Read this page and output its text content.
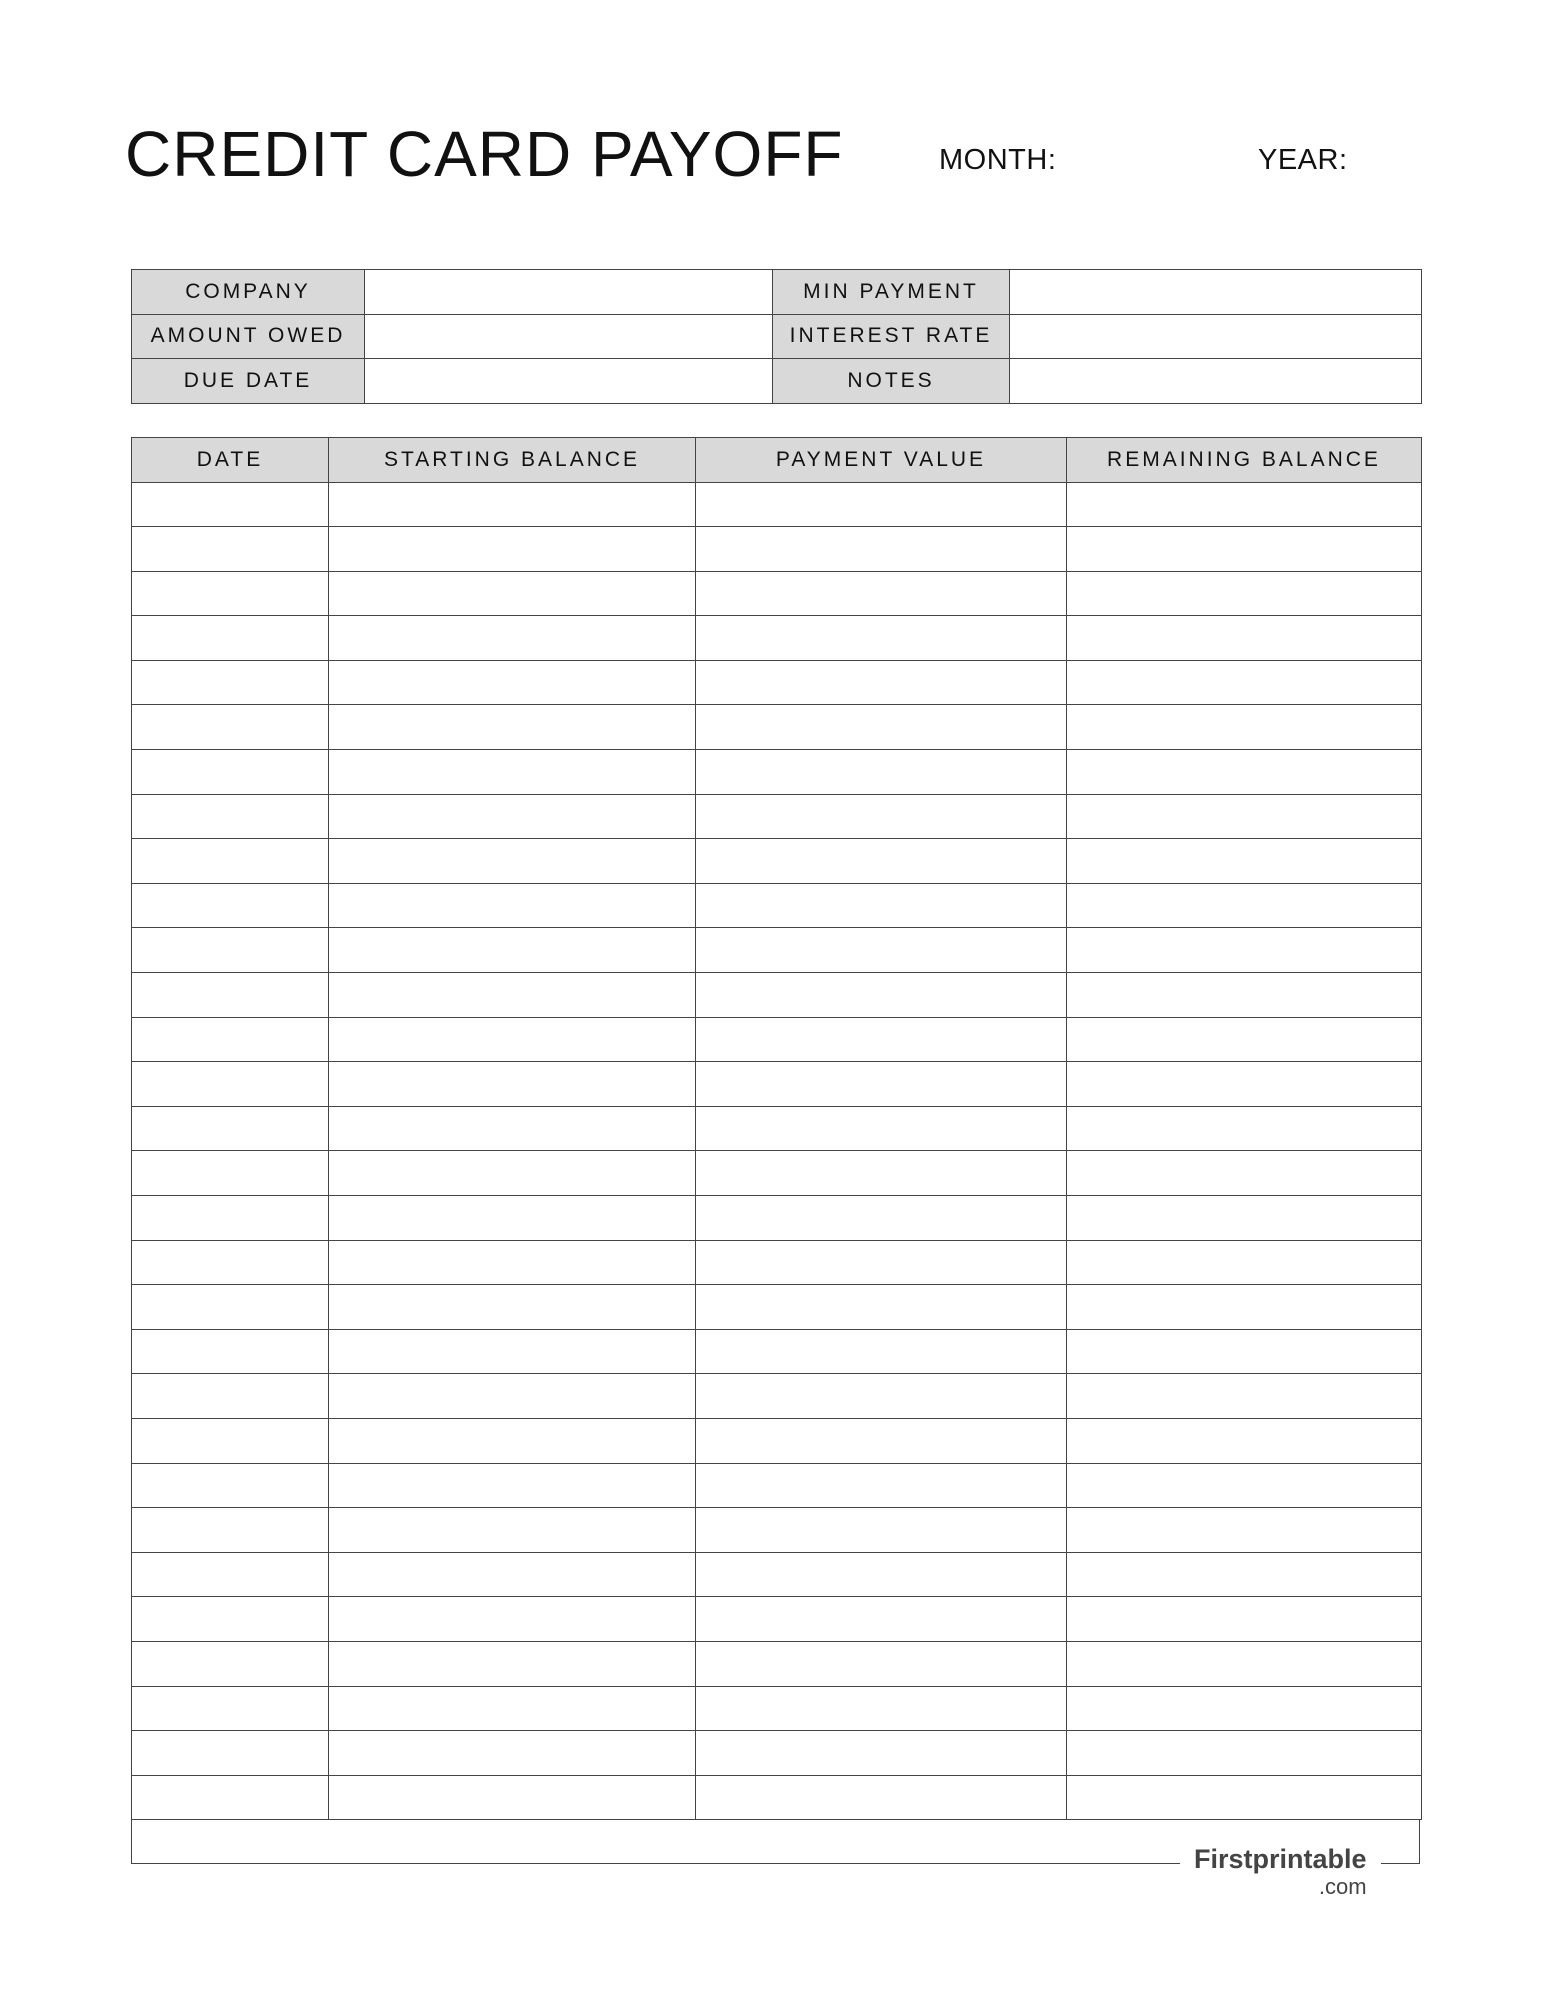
CREDIT CARD PAYOFF	MONTH:	YEAR:
COMPANY		MIN PAYMENT	
AMOUNT OWED		INTEREST RATE	
DUE DATE		NOTES	
DATE	STARTING BALANCE	PAYMENT VALUE	REMAINING BALANCE

Firstprintable
.com
